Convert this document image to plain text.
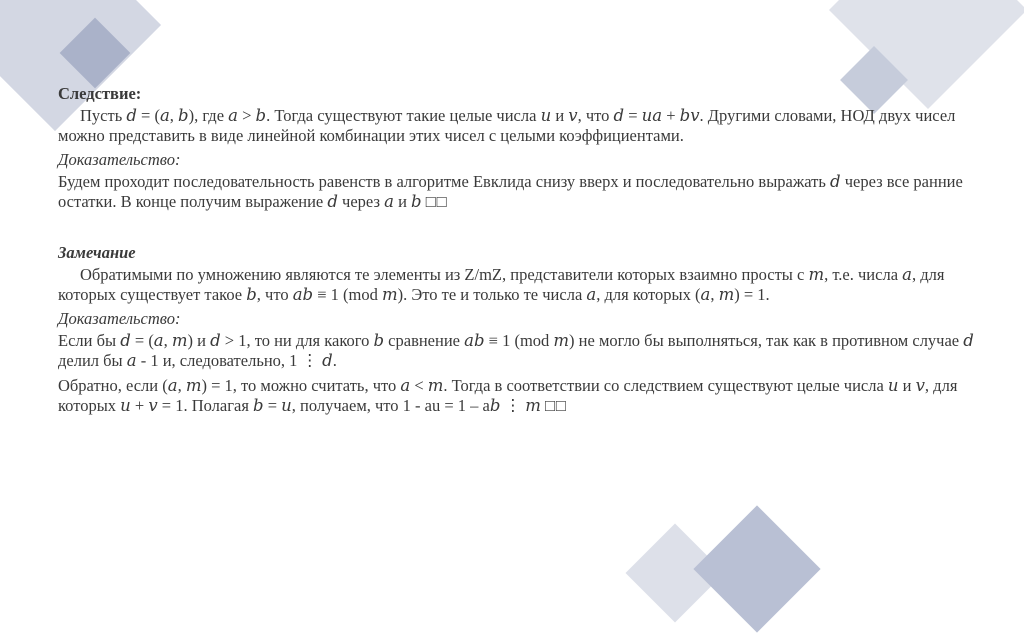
Следствие:

Пусть 𝑑 = (𝑎, 𝑏), где 𝑎 > 𝑏. Тогда существуют такие целые числа 𝑢 и 𝑣, что 𝑑 = 𝑢𝑎 + 𝑏𝑣. Другими словами, НОД двух чисел можно представить в виде линейной комбинации этих чисел с целыми коэффициентами.

Доказательство:

Будем проходит последовательность равенств в алгоритме Евклида снизу вверх и последовательно выражать 𝑑 через все ранние остатки. В конце получим выражение 𝑑 через 𝑎 и 𝑏 □□

Замечание

Обратимыми по умножению являются те элементы из Z/mZ, представители которых взаимно просты с 𝑚, т.е. числа 𝑎, для которых существует такое 𝑏, что 𝑎𝑏 ≡ 1 (mod 𝑚). Это те и только те числа 𝑎, для которых (𝑎, 𝑚) = 1.

Доказательство:

Если бы 𝑑 = (𝑎, 𝑚) и 𝑑 > 1, то ни для какого 𝑏 сравнение 𝑎𝑏 ≡ 1 (mod 𝑚) не могло бы выполняться, так как в противном случае 𝑑 делил бы 𝑎 - 1 и, следовательно, 1 ⋮ 𝑑.

Обратно, если (𝑎, 𝑚) = 1, то можно считать, что 𝑎 < 𝑚. Тогда в соответствии со следствием существуют целые числа 𝑢 и 𝑣, для которых 𝑢 + 𝑣 = 1. Полагая 𝑏 = 𝑢, получаем, что 1 - au = 1 – a𝑏 ⋮ 𝑚 □□
